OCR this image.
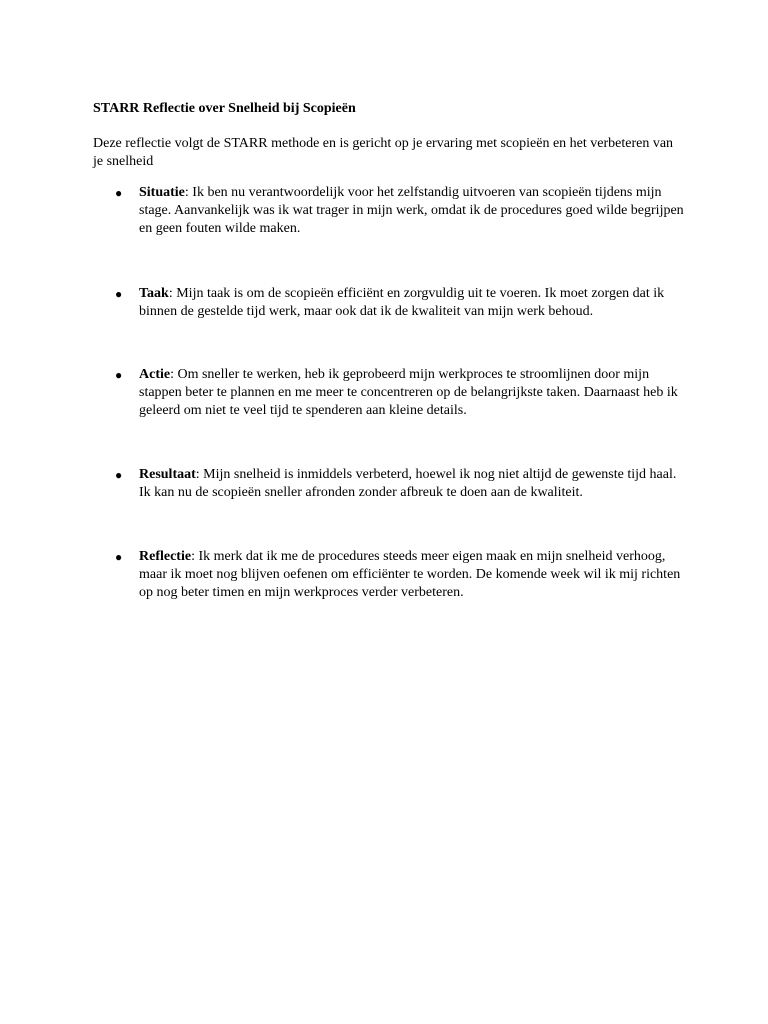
STARR Reflectie over Snelheid bij Scopieën

Deze reflectie volgt de STARR methode en is gericht op je ervaring met scopieën en het verbeteren van je snelheid

● Situatie: Ik ben nu verantwoordelijk voor het zelfstandig uitvoeren van scopieën tijdens mijn stage. Aanvankelijk was ik wat trager in mijn werk, omdat ik de procedures goed wilde begrijpen en geen fouten wilde maken.

● Taak: Mijn taak is om de scopieën efficiënt en zorgvuldig uit te voeren. Ik moet zorgen dat ik binnen de gestelde tijd werk, maar ook dat ik de kwaliteit van mijn werk behoud.

● Actie: Om sneller te werken, heb ik geprobeerd mijn werkproces te stroomlijnen door mijn stappen beter te plannen en me meer te concentreren op de belangrijkste taken. Daarnaast heb ik geleerd om niet te veel tijd te spenderen aan kleine details.

● Resultaat: Mijn snelheid is inmiddels verbeterd, hoewel ik nog niet altijd de gewenste tijd haal. Ik kan nu de scopieën sneller afronden zonder afbreuk te doen aan de kwaliteit.

● Reflectie: Ik merk dat ik me de procedures steeds meer eigen maak en mijn snelheid verhoog, maar ik moet nog blijven oefenen om efficiënter te worden. De komende week wil ik mij richten op nog beter timen en mijn werkproces verder verbeteren.
